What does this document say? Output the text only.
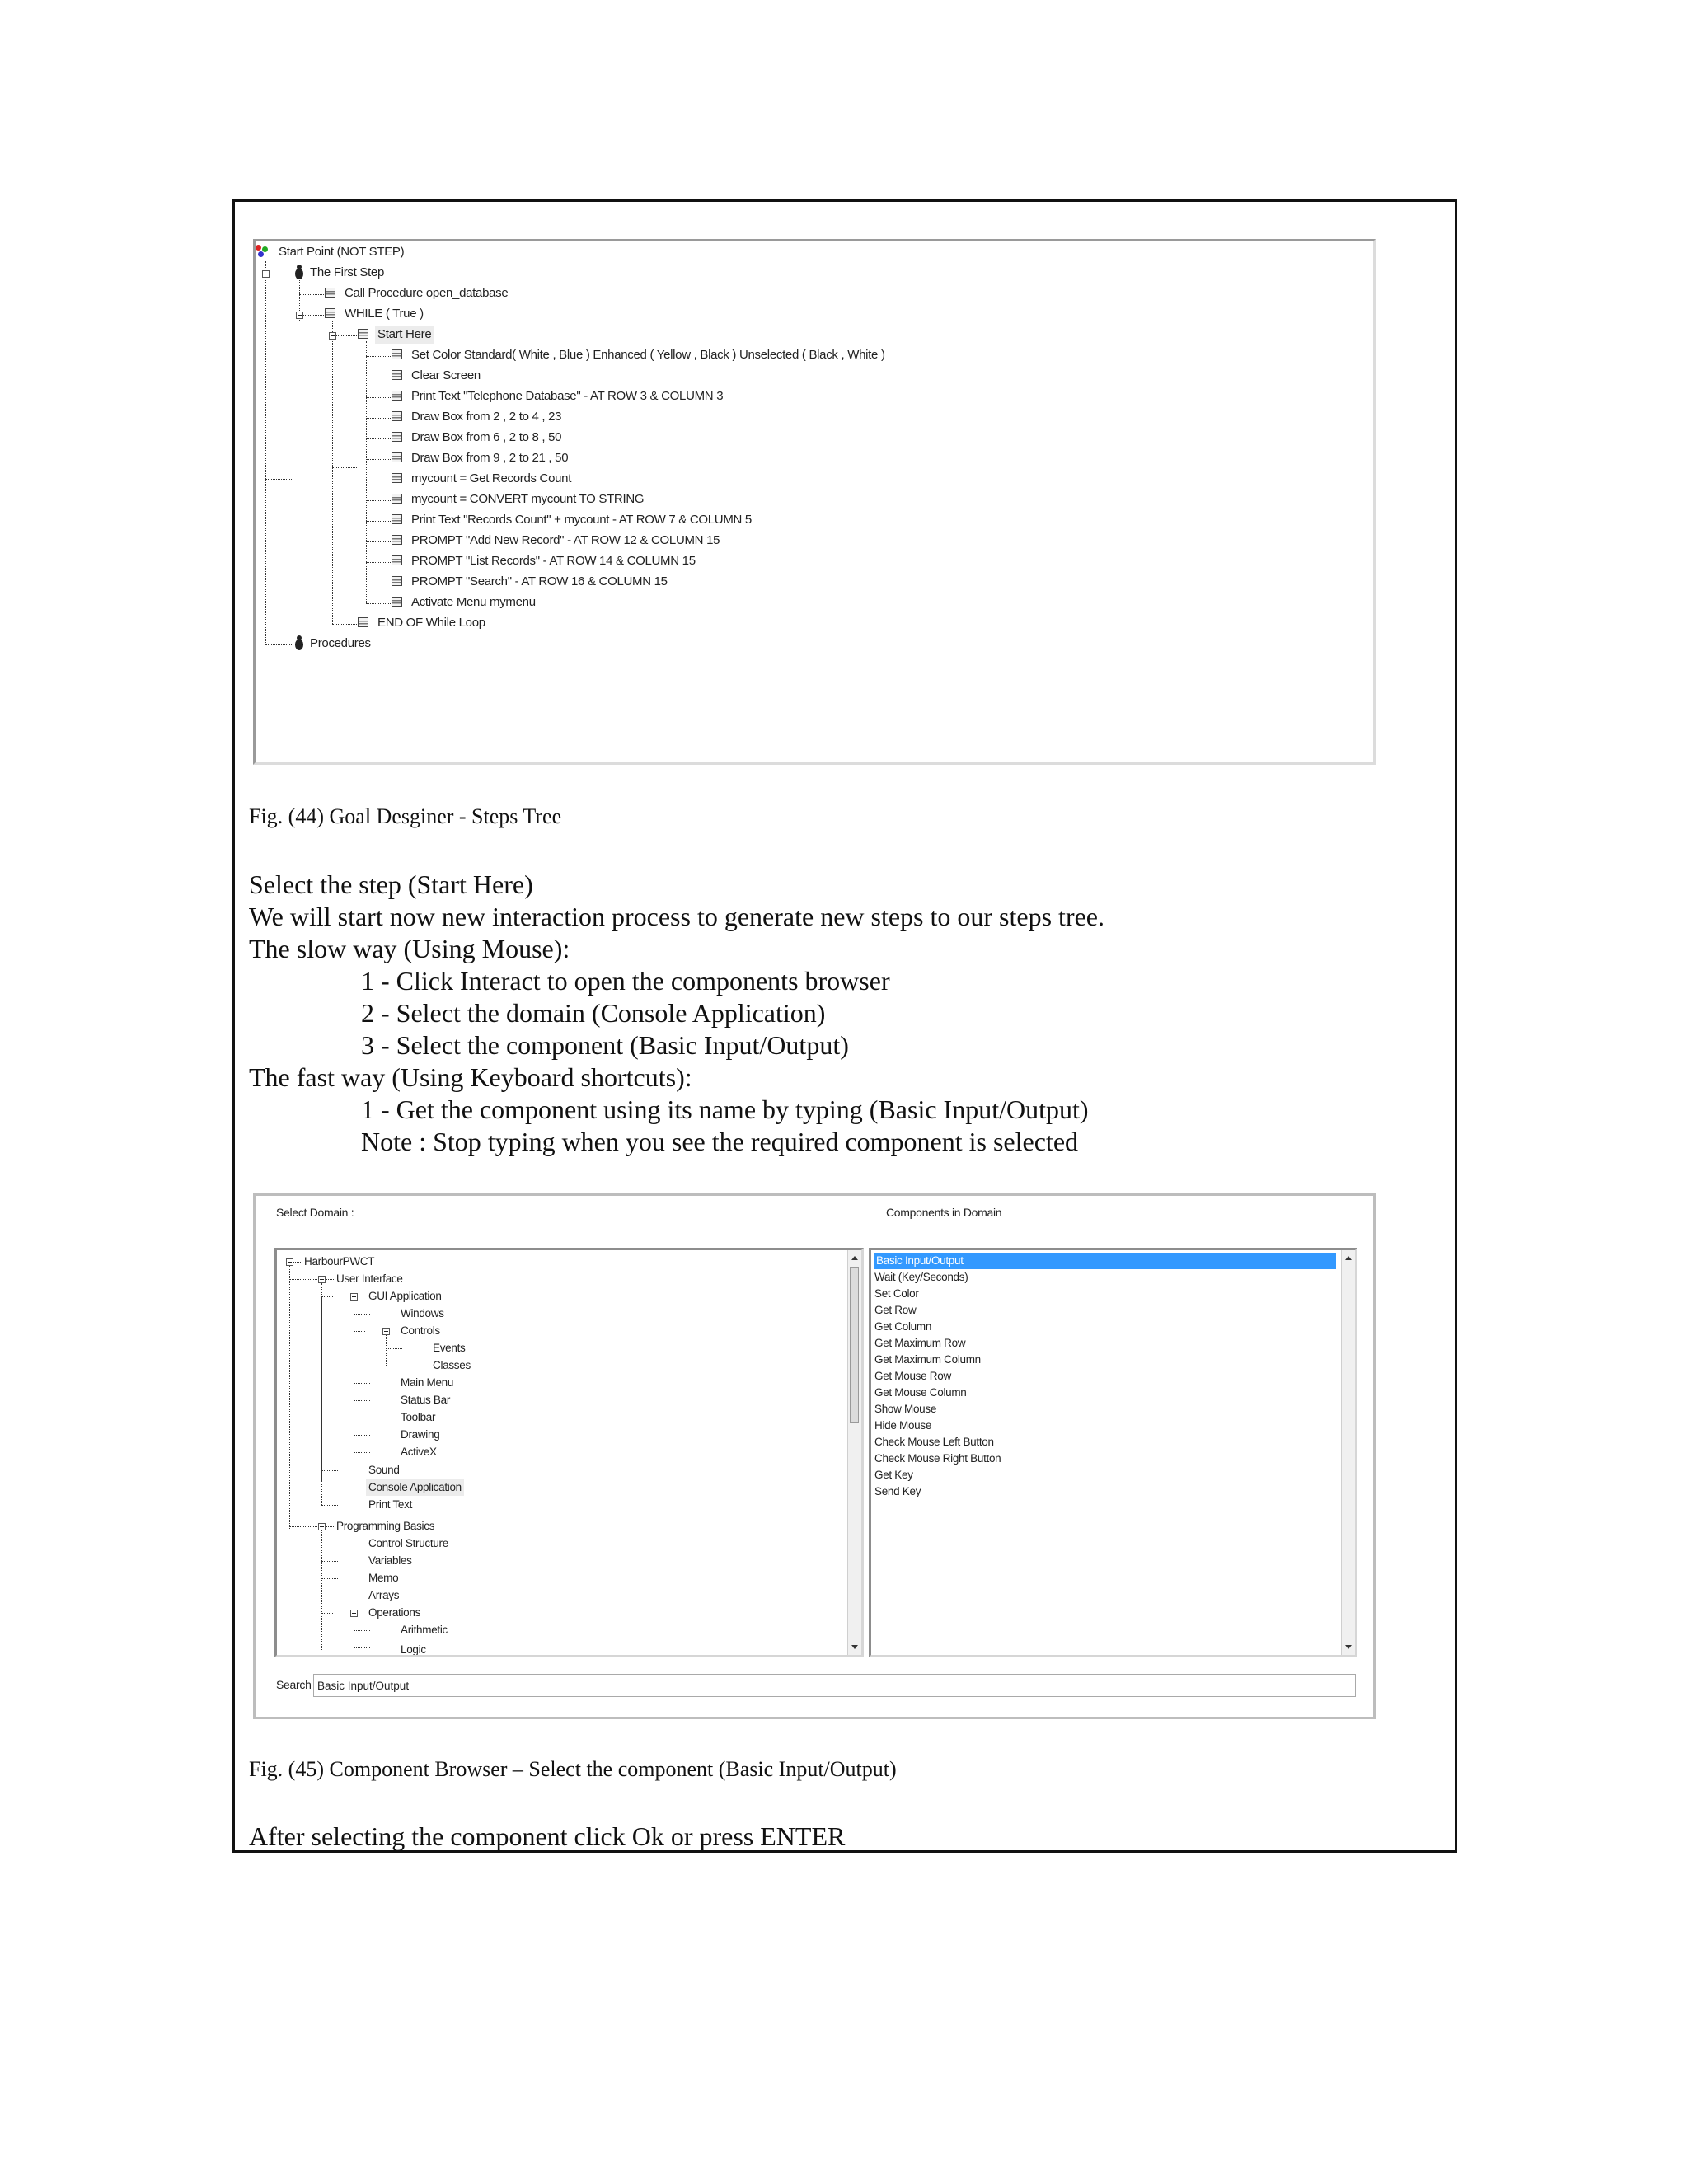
Start Point (NOT STEP)
The First Step
Call Procedure open_database
WHILE ( True )
Start Here
Set Color Standard( White , Blue ) Enhanced ( Yellow , Black ) Unselected ( Black , White )
Clear Screen
Print Text "Telephone Database" - AT ROW 3 & COLUMN 3
Draw Box from 2 , 2 to 4 , 23
Draw Box from 6 , 2 to 8 , 50
Draw Box from 9 , 2 to 21 , 50
mycount = Get Records Count
mycount = CONVERT mycount TO STRING
Print Text "Records Count" + mycount - AT ROW 7 & COLUMN 5
PROMPT "Add New Record" - AT ROW 12 & COLUMN 15
PROMPT "List Records" - AT ROW 14 & COLUMN 15
PROMPT "Search" - AT ROW 16 & COLUMN 15
Activate Menu mymenu
END OF While Loop
Procedures
Fig. (44) Goal Desginer - Steps Tree
Select the step (Start Here)
We will start now new interaction process to generate new steps to our steps tree.
The slow way (Using Mouse):
1 - Click Interact to open the components browser
2 - Select the domain (Console Application)
3 - Select the component (Basic Input/Output)
The fast way (Using Keyboard shortcuts):
1 - Get the component using its name by typing (Basic Input/Output)
Note : Stop typing when you see the required component is selected
Select Domain :	Components in Domain
HarbourPWCT
User Interface
GUI Application
Windows
Controls
Events
Classes
Main Menu
Status Bar
Toolbar
Drawing
ActiveX
Sound
Console Application
Print Text
Programming Basics
Control Structure
Variables
Memo
Arrays
Operations
Arithmetic
Logic
Basic Input/Output
Wait (Key/Seconds)
Set Color
Get Row
Get Column
Get Maximum Row
Get Maximum Column
Get Mouse Row
Get Mouse Column
Show Mouse
Hide Mouse
Check Mouse Left Button
Check Mouse Right Button
Get Key
Send Key
Search
Basic Input/Output
Fig. (45) Component Browser – Select the component (Basic Input/Output)
After selecting the component click Ok or press ENTER
